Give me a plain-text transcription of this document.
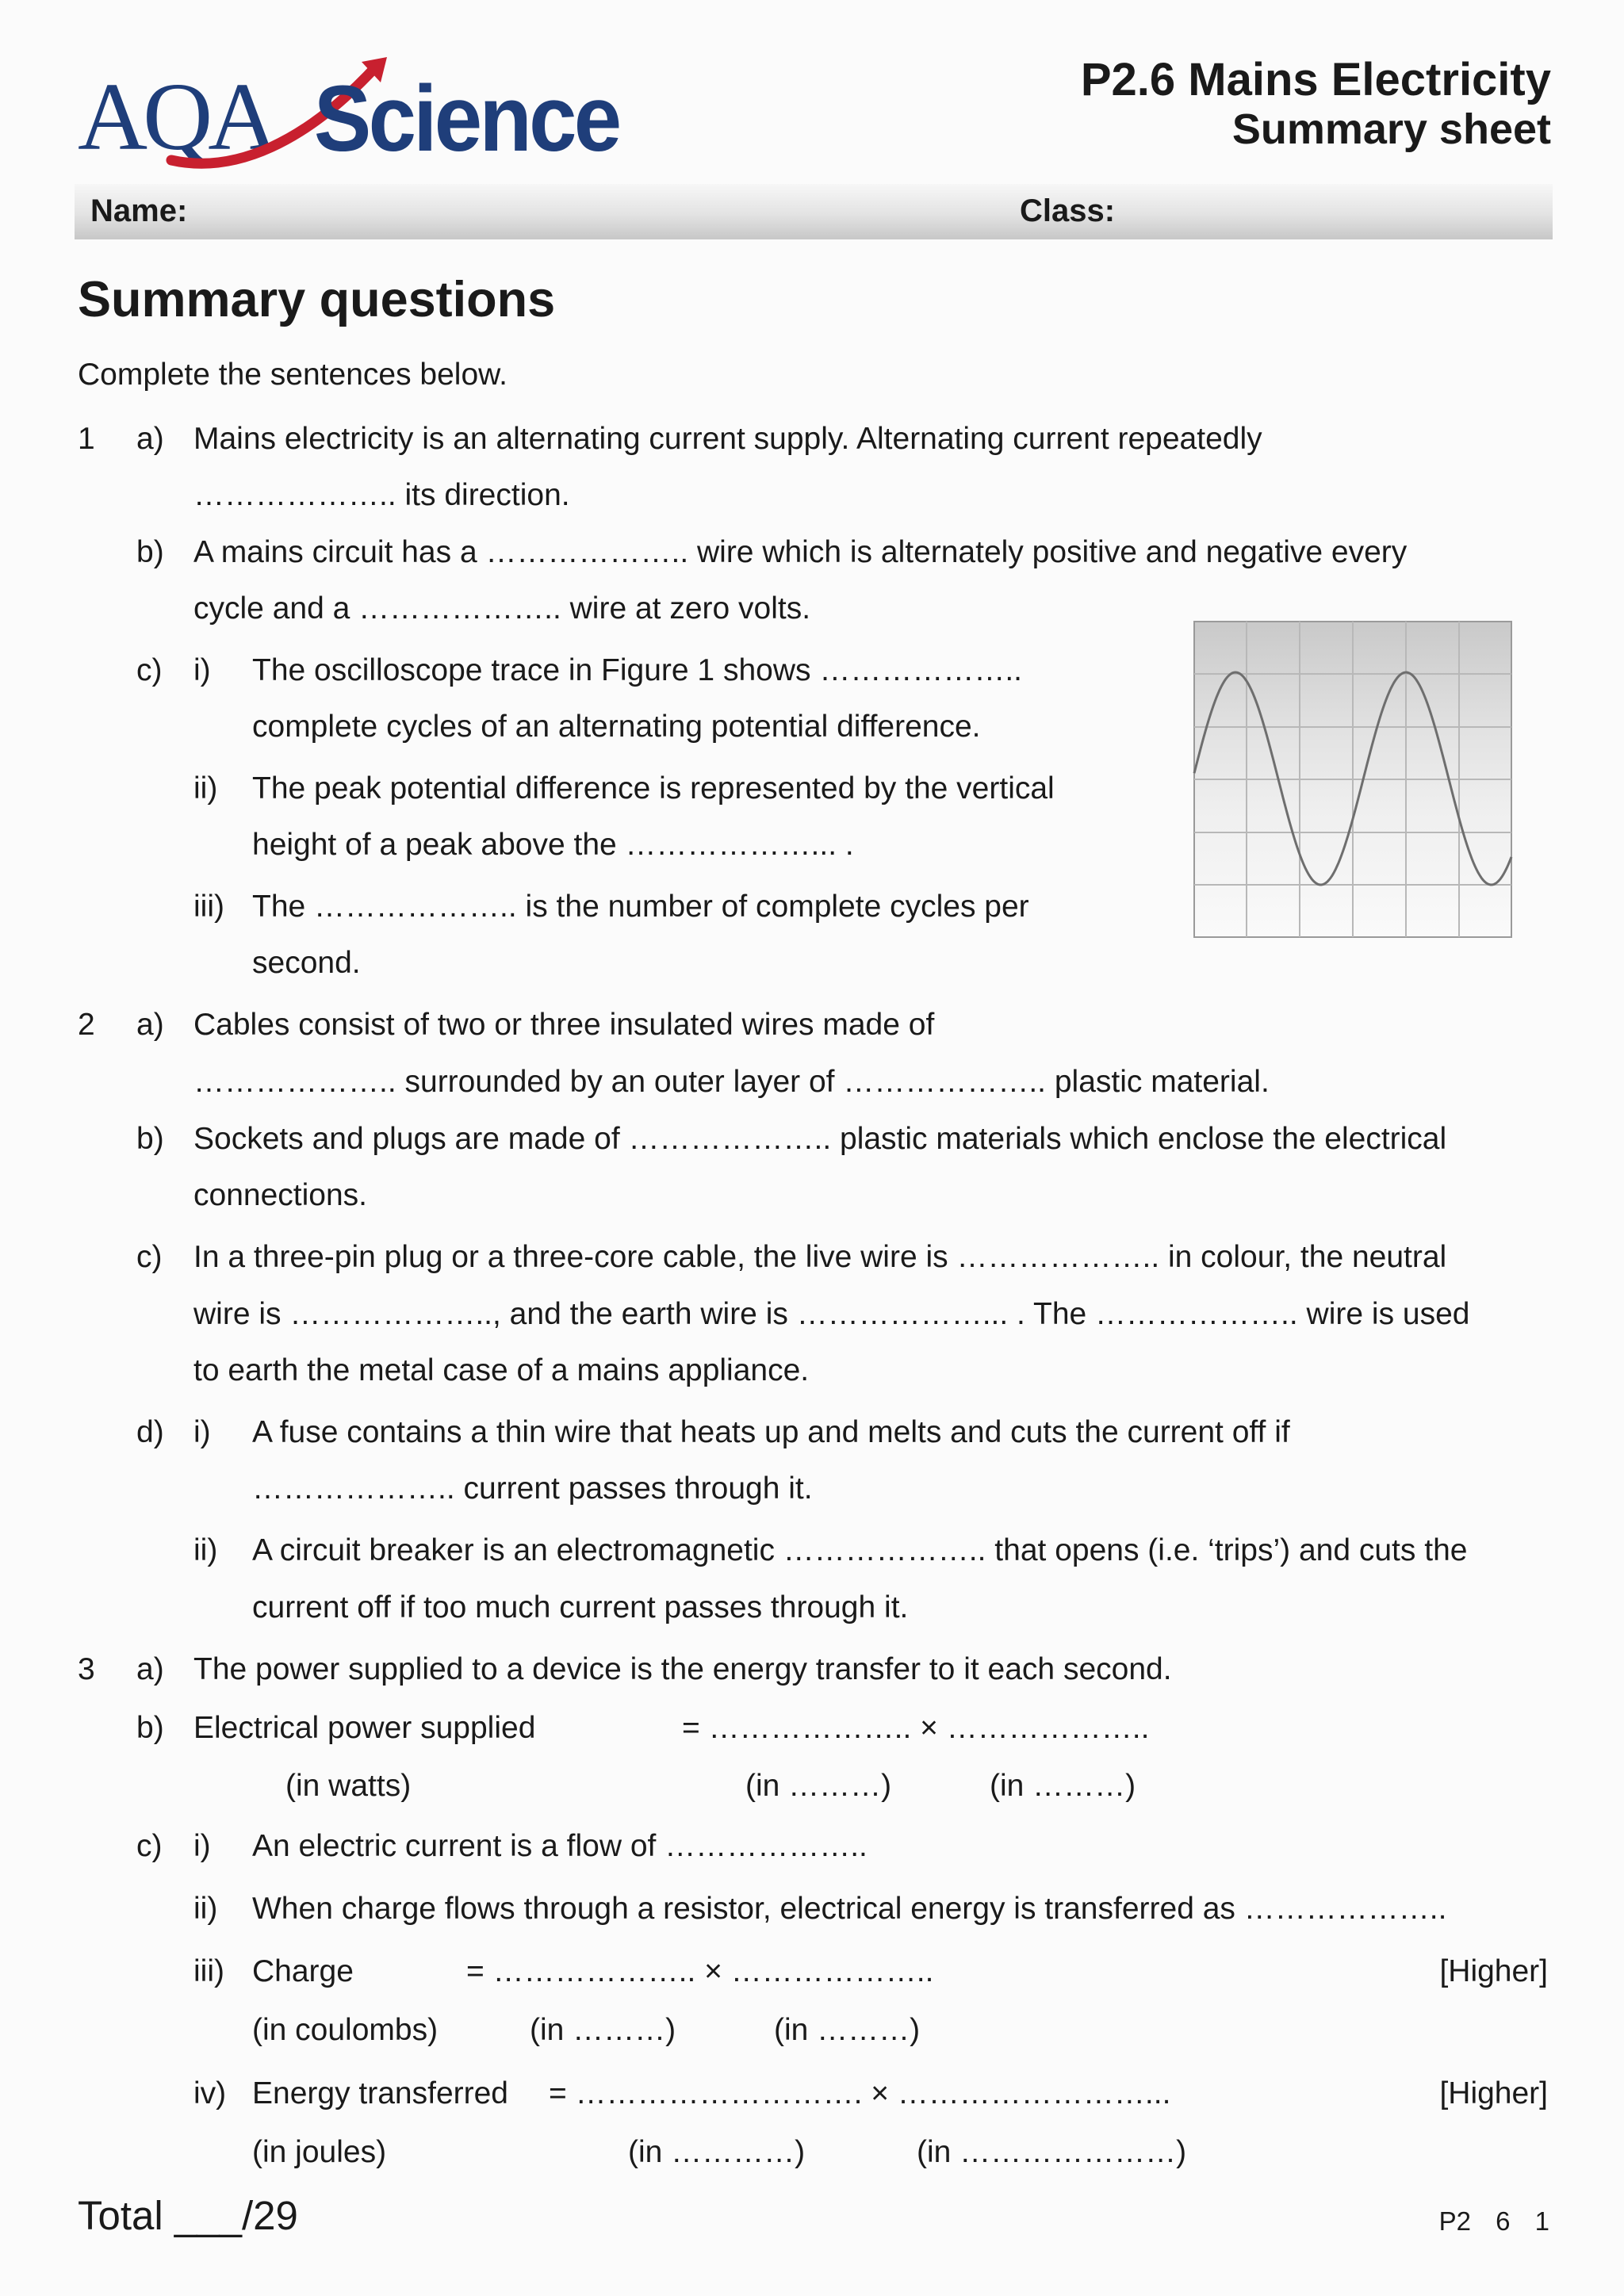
AQA Science	P2.6 Mains Electricity
Summary sheet
Name:	Class:
Summary questions
Complete the sentences below.
1 a) Mains electricity is an alternating current supply. Alternating current repeatedly
……………….. its direction.
b) A mains circuit has a ……………….. wire which is alternately positive and negative every
cycle and a ……………….. wire at zero volts.
c) i) The oscilloscope trace in Figure 1 shows ………………..
complete cycles of an alternating potential difference.
ii) The peak potential difference is represented by the vertical
height of a peak above the ………………... .
iii) The ……………….. is the number of complete cycles per
second.
2 a) Cables consist of two or three insulated wires made of
……………….. surrounded by an outer layer of ……………….. plastic material.
b) Sockets and plugs are made of ……………….. plastic materials which enclose the electrical
connections.
c) In a three-pin plug or a three-core cable, the live wire is ……………….. in colour, the neutral
wire is ……………….., and the earth wire is ………………... . The ……………….. wire is used
to earth the metal case of a mains appliance.
d) i) A fuse contains a thin wire that heats up and melts and cuts the current off if
……………….. current passes through it.
ii) A circuit breaker is an electromagnetic ……………….. that opens (i.e. ‘trips’) and cuts the
current off if too much current passes through it.
3 a) The power supplied to a device is the energy transfer to it each second.
b) Electrical power supplied	= ……………….. × ………………..
(in watts)	(in ………)	(in ………)
c) i) An electric current is a flow of ………………..
ii) When charge flows through a resistor, electrical energy is transferred as ………………..
iii) Charge	= ……………….. × ………………..	[Higher]
(in coulombs)	(in ………)	(in ………)
iv) Energy transferred = ………………………. × ……………………...	[Higher]
(in joules)	(in …………)	(in …………………)
Total ___/29	P2 6 1
